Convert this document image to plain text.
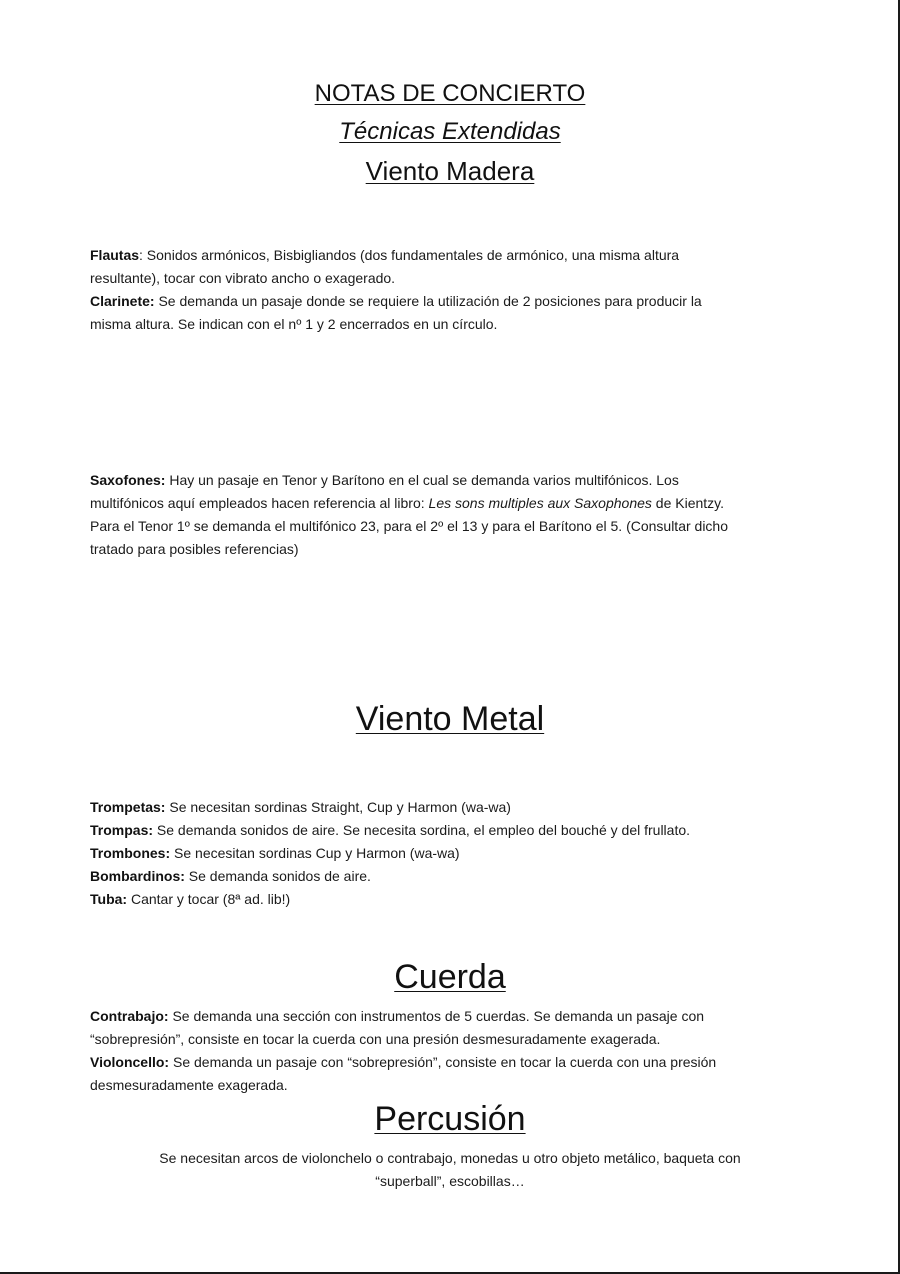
NOTAS DE CONCIERTO
Técnicas Extendidas
Viento Madera
Flautas: Sonidos armónicos, Bisbigliandos (dos fundamentales de armónico, una misma altura
resultante), tocar con vibrato ancho o exagerado.
Clarinete: Se demanda un pasaje donde se requiere la utilización de 2 posiciones para producir la
misma altura. Se indican con el nº 1 y 2 encerrados en un círculo.
Saxofones: Hay un pasaje en Tenor y Barítono en el cual se demanda varios multifónicos. Los
multifónicos aquí empleados hacen referencia al libro: Les sons multiples aux Saxophones de Kientzy.
Para el Tenor 1º se demanda el multifónico 23, para el 2º el 13 y para el Barítono el 5. (Consultar dicho
tratado para posibles referencias)
Viento Metal
Trompetas: Se necesitan sordinas Straight, Cup y Harmon (wa-wa)
Trompas: Se demanda sonidos de aire. Se necesita sordina, el empleo del bouché y del frullato.
Trombones: Se necesitan sordinas Cup y Harmon (wa-wa)
Bombardinos: Se demanda sonidos de aire.
Tuba: Cantar y tocar (8ª ad. lib!)
Cuerda
Contrabajo: Se demanda una sección con instrumentos de 5 cuerdas. Se demanda un pasaje con
“sobrepresión”, consiste en tocar la cuerda con una presión desmesuradamente exagerada.
Violoncello: Se demanda un pasaje con “sobrepresión”, consiste en tocar la cuerda con una presión
desmesuradamente exagerada.
Percusión
Se necesitan arcos de violonchelo o contrabajo, monedas u otro objeto metálico, baqueta con
“superball”, escobillas…
